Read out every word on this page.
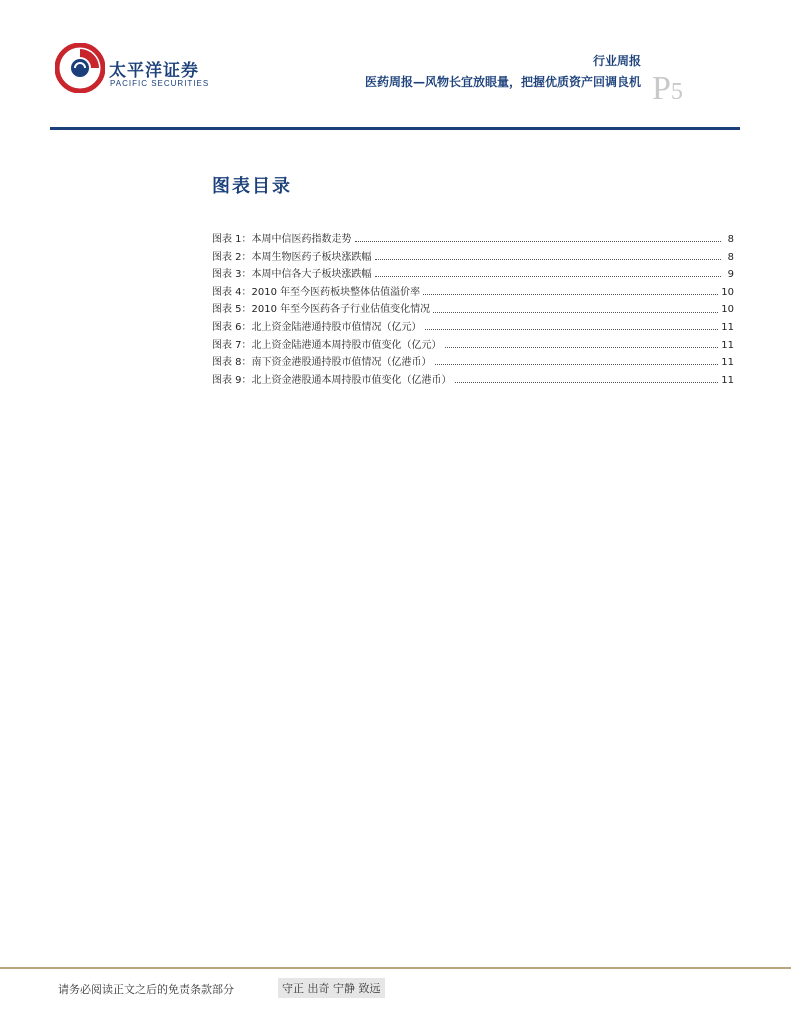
太平洋证券
PACIFIC SECURITIES
行业周报
医药周报—风物长宜放眼量，把握优质资产回调良机 P5
图表目录
图表 1：本周中信医药指数走势	8
图表 2：本周生物医药子板块涨跌幅	8
图表 3：本周中信各大子板块涨跌幅	9
图表 4：2010 年至今医药板块整体估值溢价率	10
图表 5：2010 年至今医药各子行业估值变化情况	10
图表 6：北上资金陆港通持股市值情况（亿元）	11
图表 7：北上资金陆港通本周持股市值变化（亿元）	11
图表 8：南下资金港股通持股市值情况（亿港币）	11
图表 9：北上资金港股通本周持股市值变化（亿港币）	11
请务必阅读正文之后的免责条款部分	守正 出奇 宁静 致远
